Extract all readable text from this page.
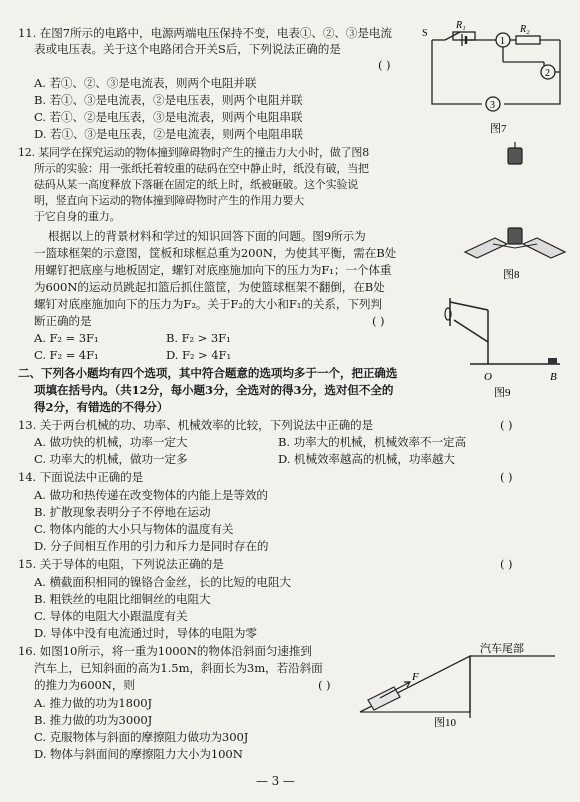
11. 在图7所示的电路中，电源两端电压保持不变，电表①、②、③是电流
表或电压表。关于这个电路闭合开关S后，下列说法正确的是
( )
A. 若①、②、③是电流表，则两个电阻并联
B. 若①、③是电流表，②是电压表，则两个电阻并联
C. 若①、②是电压表，③是电流表，则两个电阻串联
D. 若①、③是电压表，②是电流表，则两个电阻串联
1
2
3
R₁	R₂
S
图7
12. 某同学在探究运动的物体撞到障碍物时产生的撞击力大小时，做了图8
所示的实验：用一张纸托着较重的砝码在空中静止时，纸没有破，当把
砝码从某一高度释放下落砸在固定的纸上时，纸被砸破。这个实验说
明，竖直向下运动的物体撞到障碍物时产生的作用力要大
于它自身的重力。
根据以上的背景材料和学过的知识回答下面的问题。图9所示为
一篮球框架的示意图，筐板和球框总重为200N，为使其平衡，需在B处
用螺钉把底座与地板固定，螺钉对底座施加向下的压力为F₁；一个体重
为600N的运动员跳起扣篮后抓住篮筐，为使篮球框架不翻倒，在B处
螺钉对底座施加向下的压力为F₂。关于F₂的大小和F₁的关系，下列判
断正确的是	( )
A. F₂ = 3F₁	B. F₂ > 3F₁
C. F₂ = 4F₁	D. F₂ > 4F₁
图8
O	B
图9
二、下列各小题均有四个选项，其中符合题意的选项均多于一个，把正确选
项填在括号内。（共12分，每小题3分，全选对的得3分，选对但不全的
得2分，有错选的不得分）
13. 关于两台机械的功、功率、机械效率的比较，下列说法中正确的是	( )
A. 做功快的机械，功率一定大	B. 功率大的机械，机械效率不一定高
C. 功率大的机械，做功一定多	D. 机械效率越高的机械，功率越大
14. 下面说法中正确的是	( )
A. 做功和热传递在改变物体的内能上是等效的
B. 扩散现象表明分子不停地在运动
C. 物体内能的大小只与物体的温度有关
D. 分子间相互作用的引力和斥力是同时存在的
15. 关于导体的电阻，下列说法正确的是	( )
A. 横截面积相同的镍铬合金丝，长的比短的电阻大
B. 粗铁丝的电阻比细铜丝的电阻大
C. 导体的电阻大小跟温度有关
D. 导体中没有电流通过时，导体的电阻为零
16. 如图10所示，将一重为1000N的物体沿斜面匀速推到
汽车上，已知斜面的高为1.5m，斜面长为3m，若沿斜面
的推力为600N，则	( )
A. 推力做的功为1800J
B. 推力做的功为3000J
C. 克服物体与斜面的摩擦阻力做功为300J
D. 物体与斜面间的摩擦阻力大小为100N
F
汽车尾部
图10
— 3 —
